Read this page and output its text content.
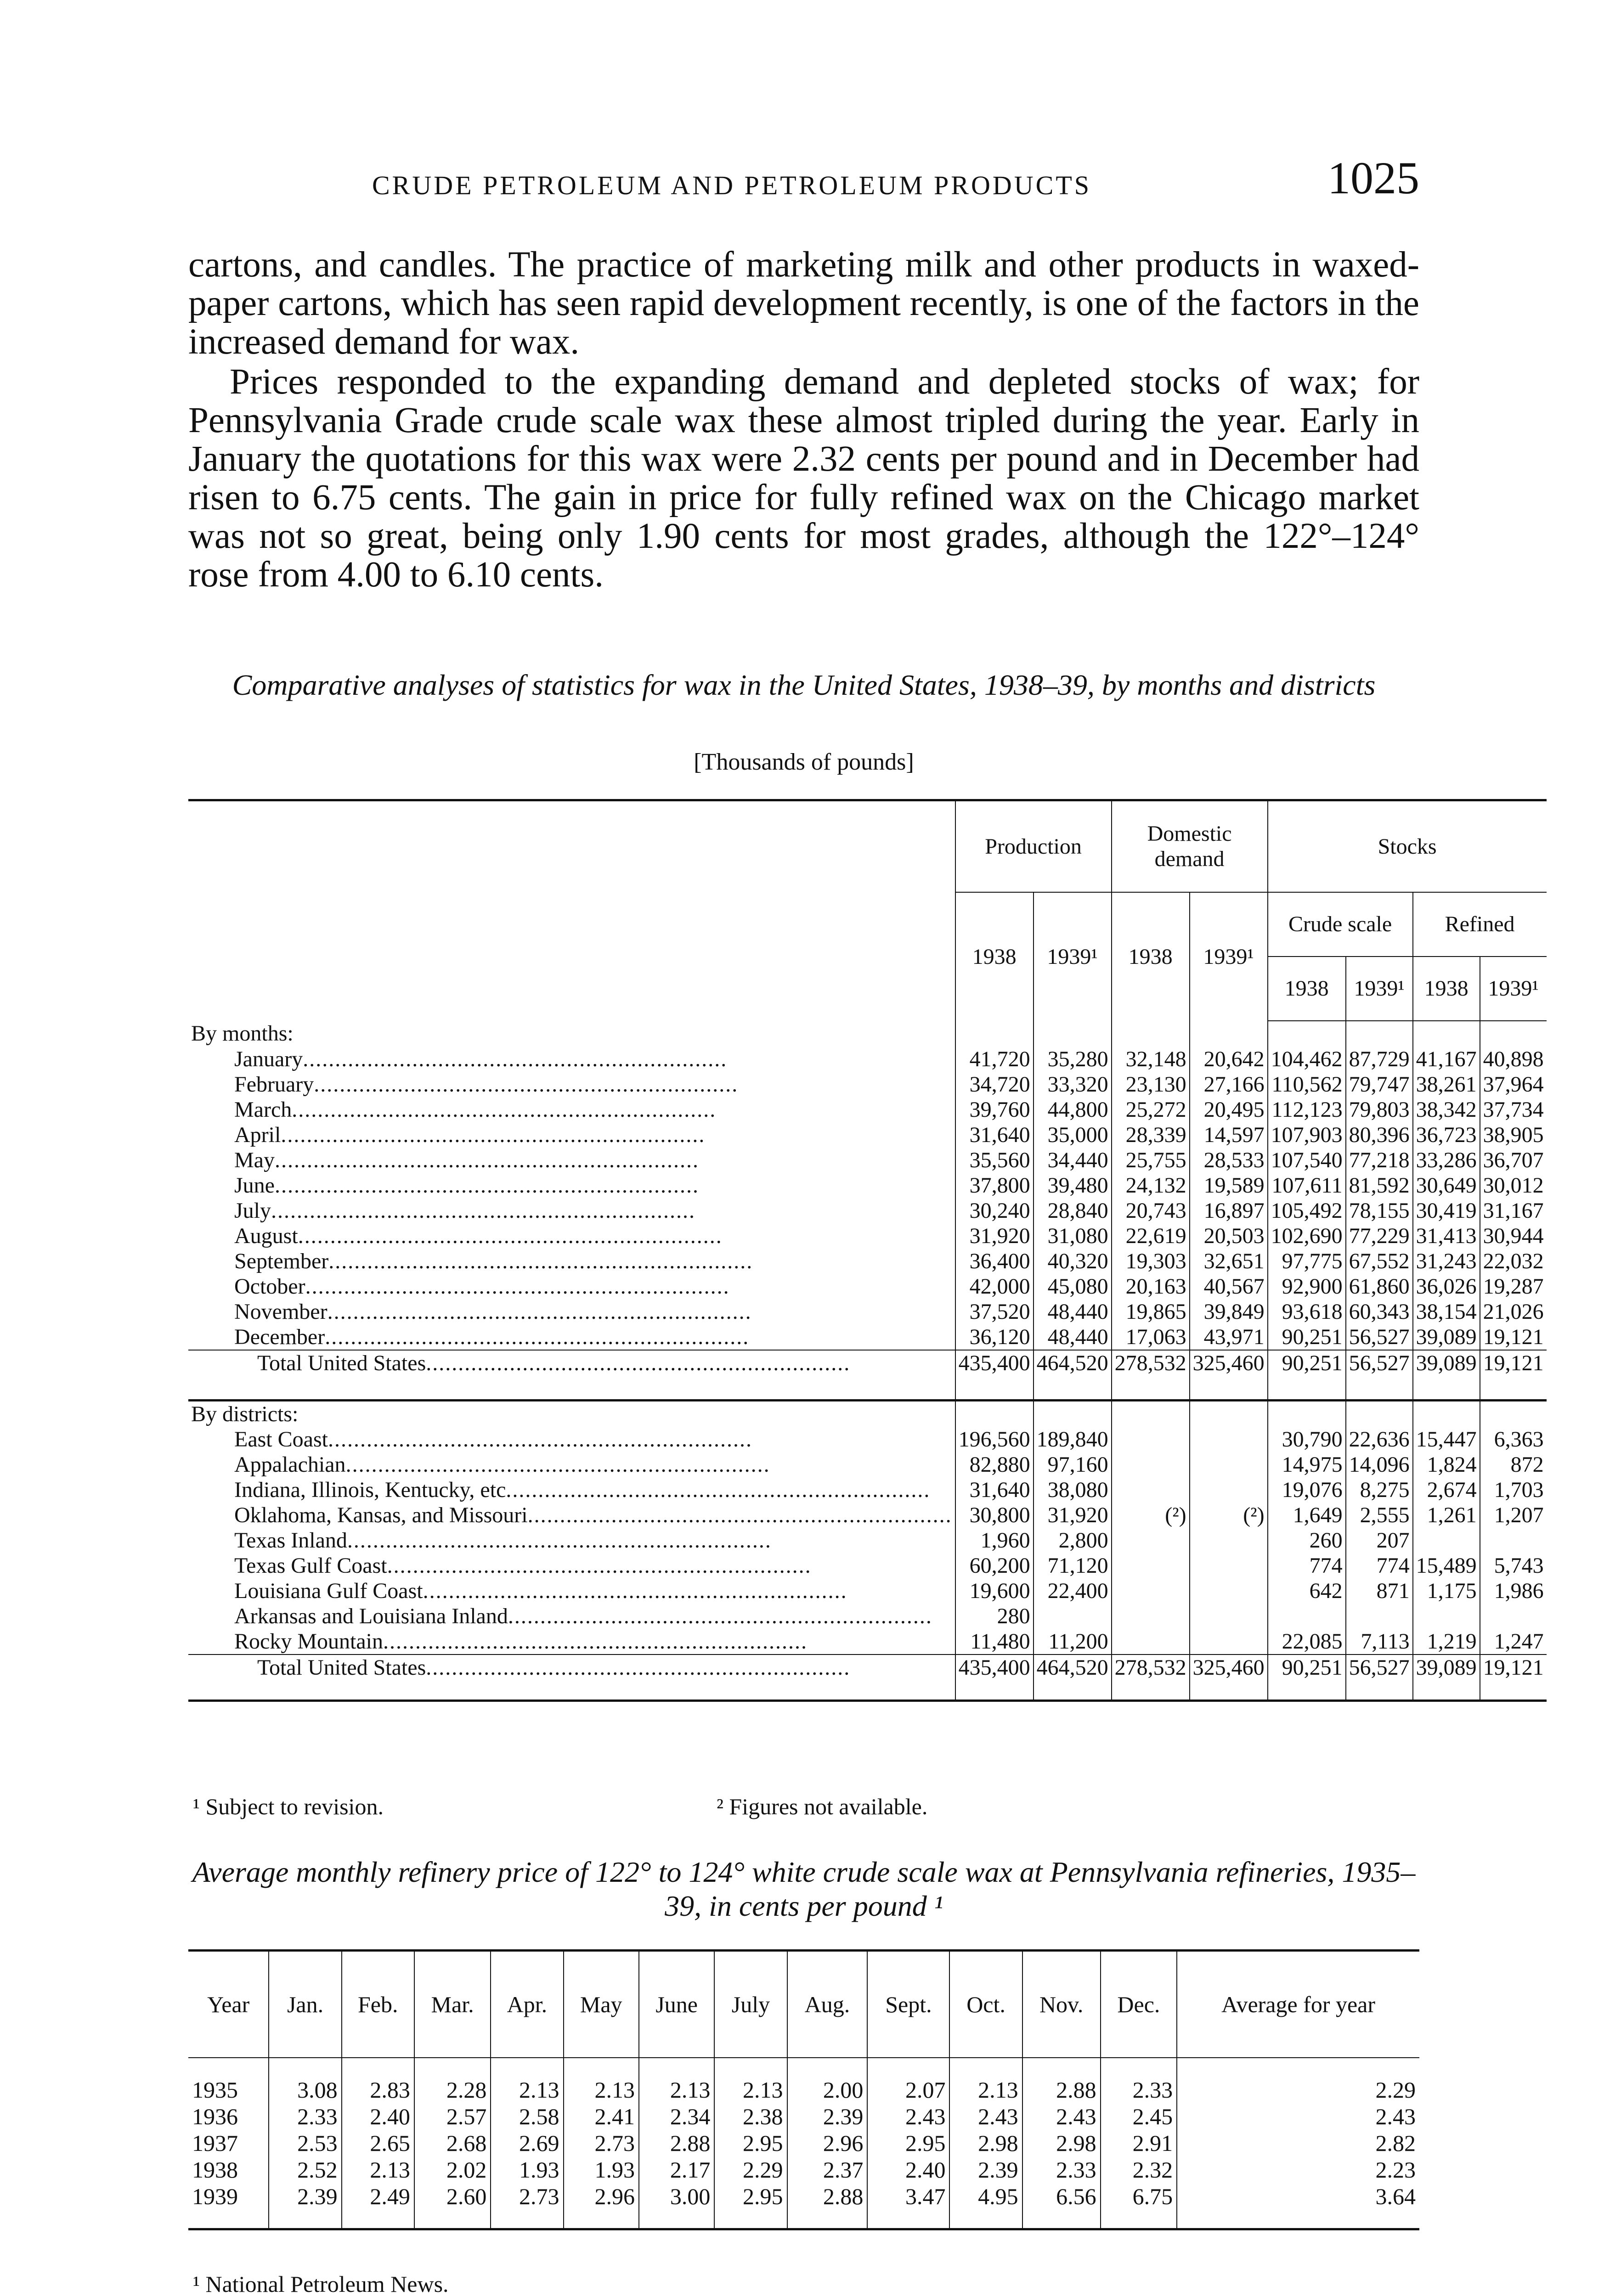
CRUDE PETROLEUM AND PETROLEUM PRODUCTS	1025
cartons, and candles. The practice of marketing milk and other products in waxed-paper cartons, which has seen rapid development recently, is one of the factors in the increased demand for wax.
Prices responded to the expanding demand and depleted stocks of wax; for Pennsylvania Grade crude scale wax these almost tripled during the year. Early in January the quotations for this wax were 2.32 cents per pound and in December had risen to 6.75 cents. The gain in price for fully refined wax on the Chicago market was not so great, being only 1.90 cents for most grades, although the 122°–124° rose from 4.00 to 6.10 cents.
Comparative analyses of statistics for wax in the United States, 1938–39, by months and districts
[Thousands of pounds]
	Production		Domestic demand		Stocks			
	1938	1939¹	1938	1939¹	Crude scale		Refined	
					1938	1939¹	1938	1939¹
By months:								
January..................................................................	41,720	35,280	32,148	20,642	104,462	87,729	41,167	40,898
February..................................................................	34,720	33,320	23,130	27,166	110,562	79,747	38,261	37,964
March..................................................................	39,760	44,800	25,272	20,495	112,123	79,803	38,342	37,734
April..................................................................	31,640	35,000	28,339	14,597	107,903	80,396	36,723	38,905
May..................................................................	35,560	34,440	25,755	28,533	107,540	77,218	33,286	36,707
June..................................................................	37,800	39,480	24,132	19,589	107,611	81,592	30,649	30,012
July..................................................................	30,240	28,840	20,743	16,897	105,492	78,155	30,419	31,167
August..................................................................	31,920	31,080	22,619	20,503	102,690	77,229	31,413	30,944
September..................................................................	36,400	40,320	19,303	32,651	97,775	67,552	31,243	22,032
October..................................................................	42,000	45,080	20,163	40,567	92,900	61,860	36,026	19,287
November..................................................................	37,520	48,440	19,865	39,849	93,618	60,343	38,154	21,026
December..................................................................	36,120	48,440	17,063	43,971	90,251	56,527	39,089	19,121
Total United States..................................................................	435,400	464,520	278,532	325,460	90,251	56,527	39,089	19,121
By districts:								
East Coast..................................................................	196,560	189,840			30,790	22,636	15,447	6,363
Appalachian..................................................................	82,880	97,160			14,975	14,096	1,824	872
Indiana, Illinois, Kentucky, etc..................................................................	31,640	38,080			19,076	8,275	2,674	1,703
Oklahoma, Kansas, and Missouri..................................................................	30,800	31,920	(²)	(²)	1,649	2,555	1,261	1,207
Texas Inland..................................................................	1,960	2,800			260	207		
Texas Gulf Coast..................................................................	60,200	71,120			774	774	15,489	5,743
Louisiana Gulf Coast..................................................................	19,600	22,400			642	871	1,175	1,986
Arkansas and Louisiana Inland..................................................................	280							
Rocky Mountain..................................................................	11,480	11,200			22,085	7,113	1,219	1,247
Total United States..................................................................	435,400	464,520	278,532	325,460	90,251	56,527	39,089	19,121
¹ Subject to revision.	² Figures not available.
Average monthly refinery price of 122° to 124° white crude scale wax at Pennsylvania refineries, 1935–39, in cents per pound ¹
Year	Jan.	Feb.	Mar.	Apr.	May	June	July	Aug.	Sept.	Oct.	Nov.	Dec.	Average for year
1935	3.08	2.83	2.28	2.13	2.13	2.13	2.13	2.00	2.07	2.13	2.88	2.33	2.29
1936	2.33	2.40	2.57	2.58	2.41	2.34	2.38	2.39	2.43	2.43	2.43	2.45	2.43
1937	2.53	2.65	2.68	2.69	2.73	2.88	2.95	2.96	2.95	2.98	2.98	2.91	2.82
1938	2.52	2.13	2.02	1.93	1.93	2.17	2.29	2.37	2.40	2.39	2.33	2.32	2.23
1939	2.39	2.49	2.60	2.73	2.96	3.00	2.95	2.88	3.47	4.95	6.56	6.75	3.64
¹ National Petroleum News.
